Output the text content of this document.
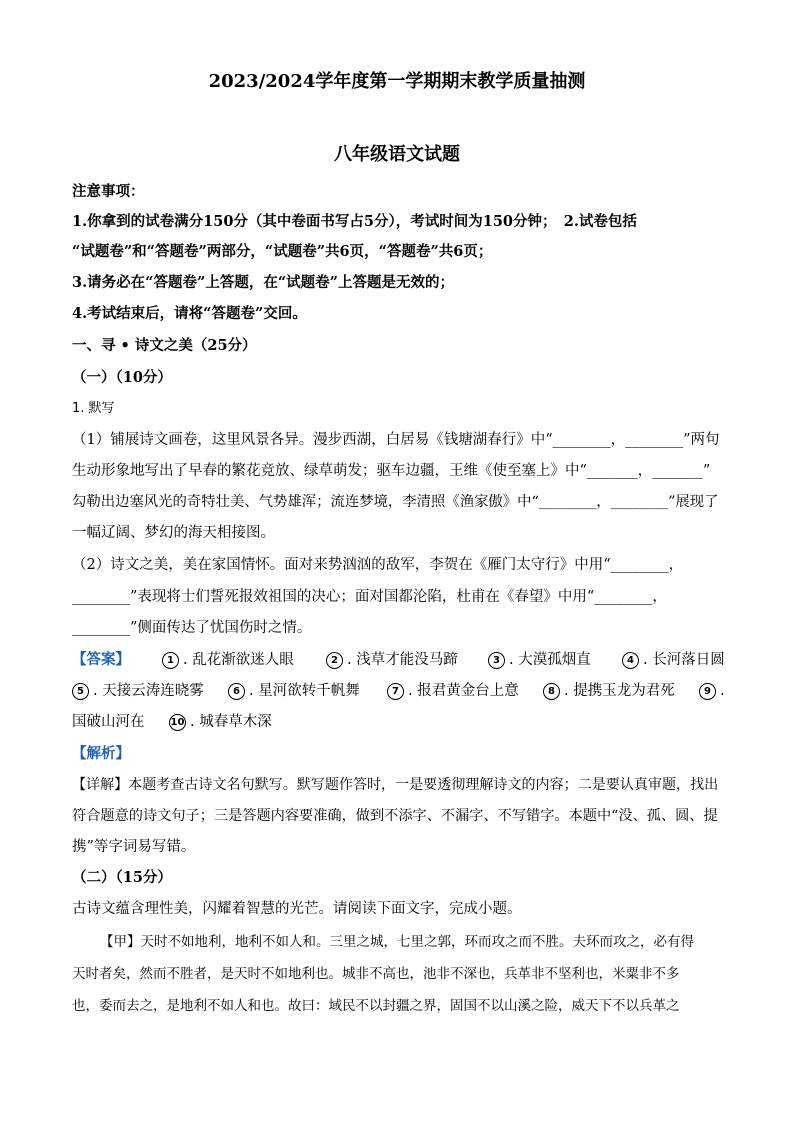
2023/2024学年度第一学期期末教学质量抽测
八年级语文试题
注意事项：
1.你拿到的试卷满分150分（其中卷面书写占5分），考试时间为150分钟；　2.试卷包括
“试题卷”和“答题卷”两部分，“试题卷”共6页，“答题卷”共6页；
3.请务必在“答题卷”上答题，在“试题卷”上答题是无效的；
4.考试结束后，请将“答题卷”交回。
一、寻 • 诗文之美（25分）
（一）（10分）
1. 默写
（1）铺展诗文画卷，这里风景各异。漫步西湖，白居易《钱塘湖春行》中“________，________”两句
生动形象地写出了早春的繁花竞放、绿草萌发；驱车边疆，王维《使至塞上》中“_______，_______”
勾勒出边塞风光的奇特壮美、气势雄浑；流连梦境，李清照《渔家傲》中“________，________”展现了
一幅辽阔、梦幻的海天相接图。
（2）诗文之美，美在家国情怀。面对来势汹汹的敌军，李贺在《雁门太守行》中用“________，
________”表现将士们誓死报效祖国的决心；面对国都沦陷，杜甫在《春望》中用“________，
________”侧面传达了忧国伤时之情。
【答案】	1 . 乱花渐欲迷人眼	2 . 浅草才能没马蹄	3 . 大漠孤烟直	4 . 长河落日圆
5 . 天接云涛连晓雾	6 . 星河欲转千帆舞	7 . 报君黄金台上意	8 . 提携玉龙为君死	9 .
国破山河在	10 . 城春草木深
【解析】
【详解】本题考查古诗文名句默写。默写题作答时，一是要透彻理解诗文的内容；二是要认真审题，找出
符合题意的诗文句子；三是答题内容要准确，做到不添字、不漏字、不写错字。本题中“没、孤、圆、提
携”等字词易写错。
（二）（15分）
古诗文蕴含理性美，闪耀着智慧的光芒。请阅读下面文字，完成小题。
【甲】天时不如地利，地利不如人和。三里之城，七里之郭，环而攻之而不胜。夫环而攻之，必有得
天时者矣，然而不胜者，是天时不如地利也。城非不高也，池非不深也，兵革非不坚利也，米粟非不多
也，委而去之，是地利不如人和也。故曰：域民不以封疆之界，固国不以山溪之险，威天下不以兵革之
